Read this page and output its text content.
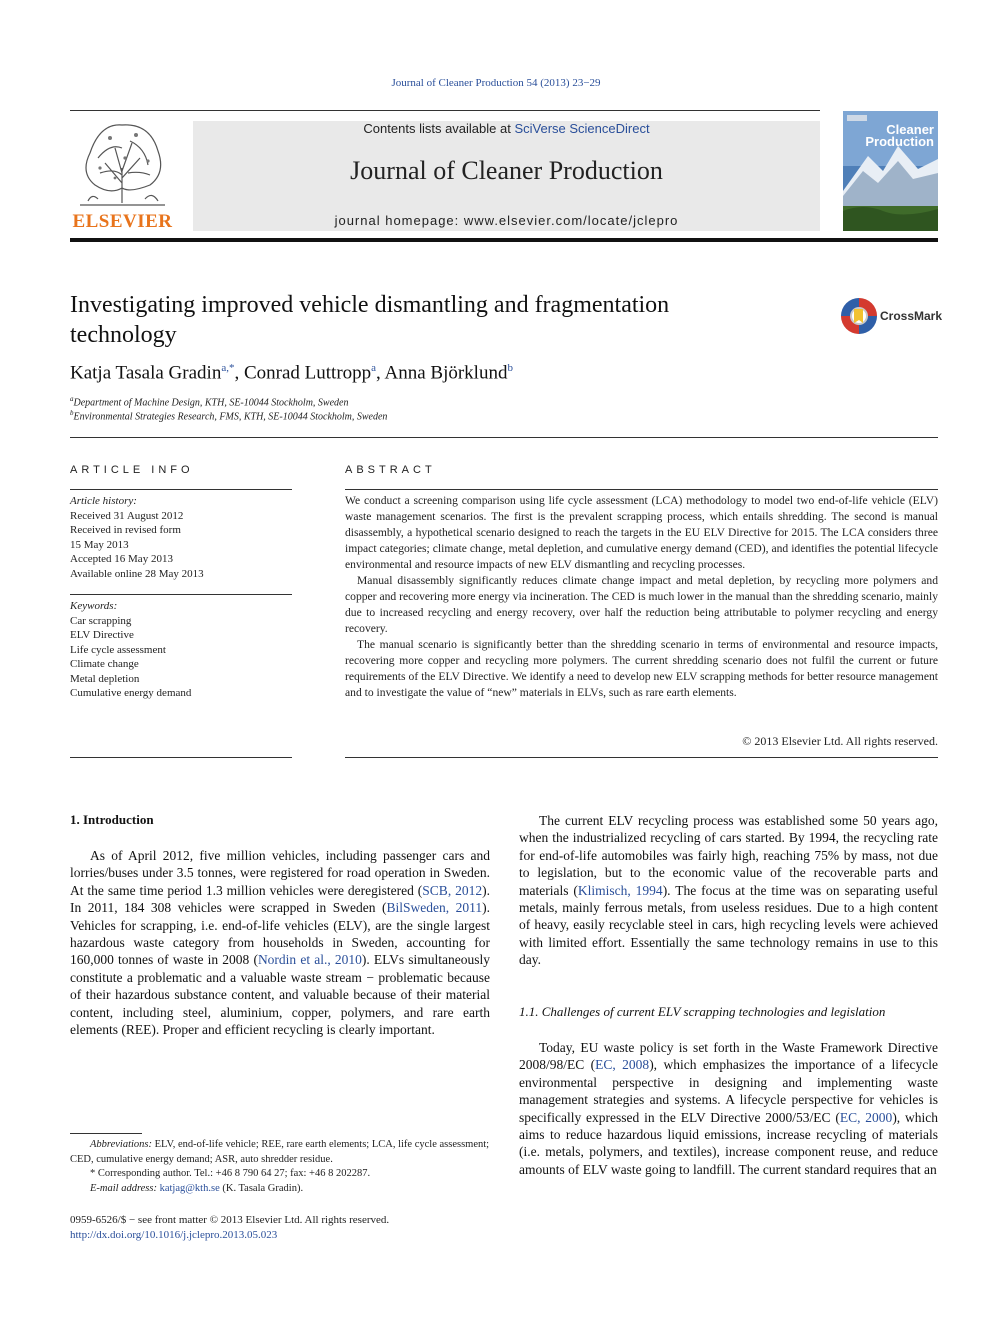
Journal of Cleaner Production 54 (2013) 23−29
ELSEVIER
Contents lists available at SciVerse ScienceDirect
Journal of Cleaner Production
journal homepage: www.elsevier.com/locate/jclepro
Cleaner
Production
Investigating improved vehicle dismantling and fragmentation
technology
CrossMark
Katja Tasala Gradin$^{a,*}$, Conrad Luttropp$^a$, Anna Björklund$^b$
$^a$Department of Machine Design, KTH, SE-10044 Stockholm, Sweden
$^b$Environmental Strategies Research, FMS, KTH, SE-10044 Stockholm, Sweden
ARTICLE INFO
Article history:
Received 31 August 2012
Received in revised form
15 May 2013
Accepted 16 May 2013
Available online 28 May 2013
Keywords:
Car scrapping
ELV Directive
Life cycle assessment
Climate change
Metal depletion
Cumulative energy demand
ABSTRACT

We conduct a screening comparison using life cycle assessment (LCA) methodology to model two end-of-life vehicle (ELV) waste management scenarios. The first is the prevalent scrapping process, which entails shredding. The second is manual disassembly, a hypothetical scenario designed to reach the targets in the EU ELV Directive for 2015. The LCA considers three impact categories; climate change, metal depletion, and cumulative energy demand (CED), and identifies the potential lifecycle environmental and resource impacts of new ELV dismantling and recycling processes.

Manual disassembly significantly reduces climate change impact and metal depletion, by recycling more polymers and copper and recovering more energy via incineration. The CED is much lower in the manual than the shredding scenario, mainly due to increased recycling and energy recovery, over half the reduction being attributable to polymer recycling and energy recovery.

The manual scenario is significantly better than the shredding scenario in terms of environmental and resource impacts, recovering more copper and recycling more polymers. The current shredding scenario does not fulfil the current or future requirements of the ELV Directive. We identify a need to develop new ELV scrapping methods for better resource management and to investigate the value of “new” materials in ELVs, such as rare earth elements.

© 2013 Elsevier Ltd. All rights reserved.
1. Introduction

As of April 2012, five million vehicles, including passenger cars and lorries/buses under 3.5 tonnes, were registered for road operation in Sweden. At the same time period 1.3 million vehicles were deregistered (SCB, 2012). In 2011, 184 308 vehicles were scrapped in Sweden (BilSweden, 2011). Vehicles for scrapping, i.e. end-of-life vehicles (ELV), are the single largest hazardous waste category from households in Sweden, accounting for 160,000 tonnes of waste in 2008 (Nordin et al., 2010). ELVs simultaneously constitute a problematic and a valuable waste stream − problematic because of their hazardous substance content, and valuable because of their material content, including steel, aluminium, copper, polymers, and rare earth elements (REE). Proper and efficient recycling is clearly important.

The current ELV recycling process was established some 50 years ago, when the industrialized recycling of cars started. By 1994, the recycling rate for end-of-life automobiles was fairly high, reaching 75% by mass, not due to legislation, but to the economic value of the recoverable parts and materials (Klimisch, 1994). The focus at the time was on separating useful metals, mainly ferrous metals, from useless residues. Due to a high content of heavy, easily recyclable steel in cars, high recycling levels were achieved with limited effort. Essentially the same technology remains in use to this day.

1.1. Challenges of current ELV scrapping technologies and legislation

Today, EU waste policy is set forth in the Waste Framework Directive 2008/98/EC (EC, 2008), which emphasizes the importance of a lifecycle environmental perspective in designing and implementing waste management strategies and systems. A lifecycle perspective for vehicles is specifically expressed in the ELV Directive 2000/53/EC (EC, 2000), which aims to reduce hazardous liquid emissions, increase recycling of materials (i.e. metals, polymers, and textiles), increase component reuse, and reduce amounts of ELV waste going to landfill. The current standard requires that an

Abbreviations: ELV, end-of-life vehicle; REE, rare earth elements; LCA, life cycle assessment; CED, cumulative energy demand; ASR, auto shredder residue.

* Corresponding author. Tel.: +46 8 790 64 27; fax: +46 8 202287.

E-mail address: katjag@kth.se (K. Tasala Gradin).

0959-6526/$ − see front matter © 2013 Elsevier Ltd. All rights reserved.
http://dx.doi.org/10.1016/j.jclepro.2013.05.023
